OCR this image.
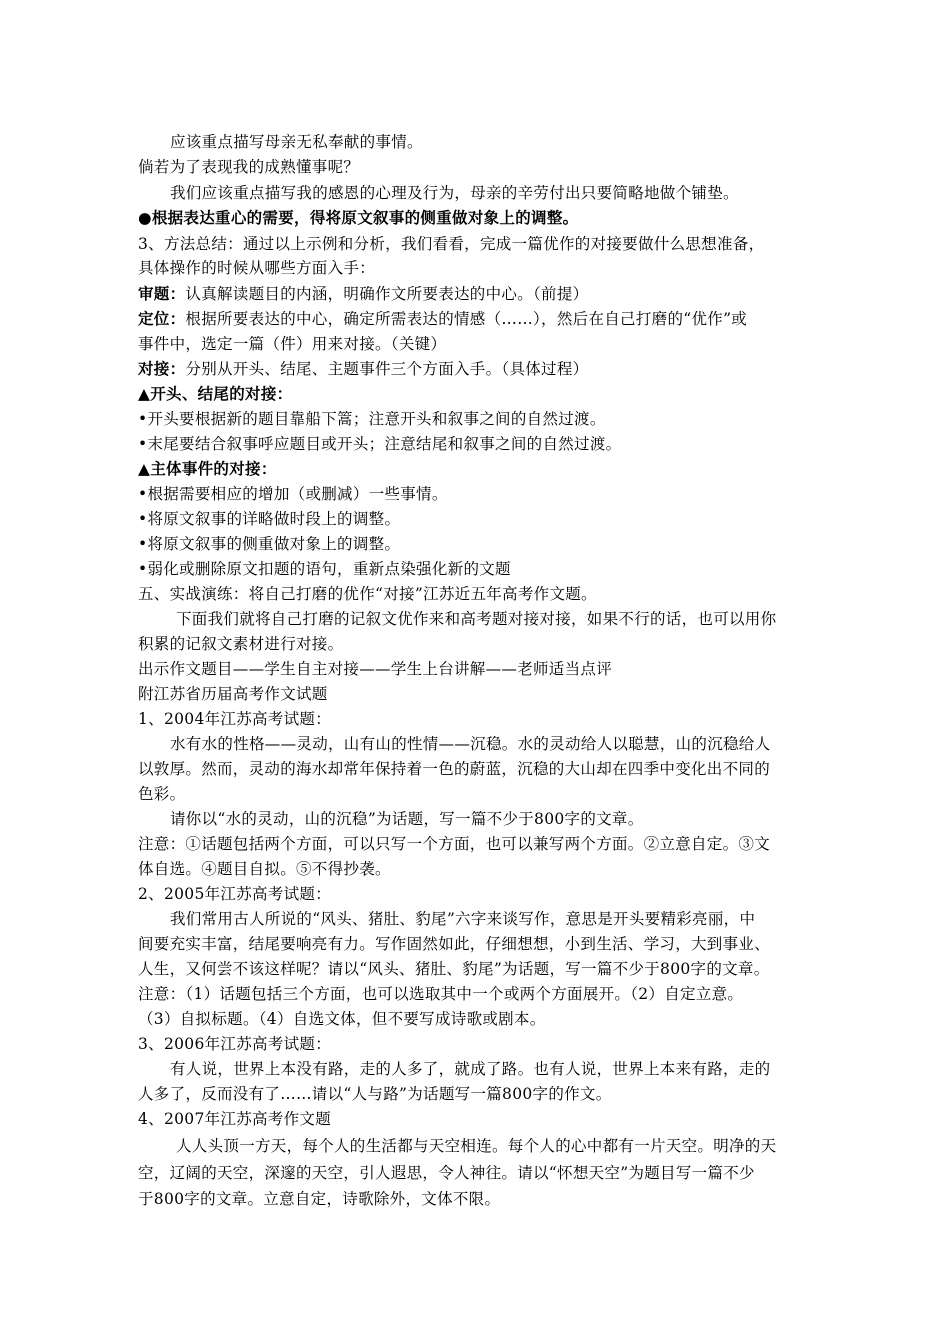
应该重点描写母亲无私奉献的事情。
倘若为了表现我的成熟懂事呢？
我们应该重点描写我的感恩的心理及行为，母亲的辛劳付出只要简略地做个铺垫。
●根据表达重心的需要，得将原文叙事的侧重做对象上的调整。
3、方法总结：通过以上示例和分析，我们看看，完成一篇优作的对接要做什么思想准备，
具体操作的时候从哪些方面入手：
审题：认真解读题目的内涵，明确作文所要表达的中心。（前提）
定位：根据所要表达的中心，确定所需表达的情感（……），然后在自己打磨的“优作”或
事件中，选定一篇（件）用来对接。（关键）
对接：分别从开头、结尾、主题事件三个方面入手。（具体过程）
▲开头、结尾的对接：
•开头要根据新的题目靠船下篙；注意开头和叙事之间的自然过渡。
•末尾要结合叙事呼应题目或开头；注意结尾和叙事之间的自然过渡。
▲主体事件的对接：
•根据需要相应的增加（或删减）一些事情。
•将原文叙事的详略做时段上的调整。
•将原文叙事的侧重做对象上的调整。
•弱化或删除原文扣题的语句，重新点染强化新的文题
五、实战演练：将自己打磨的优作“对接”江苏近五年高考作文题。
下面我们就将自己打磨的记叙文优作来和高考题对接对接，如果不行的话，也可以用你
积累的记叙文素材进行对接。
出示作文题目——学生自主对接——学生上台讲解——老师适当点评
附江苏省历届高考作文试题
1、2004年江苏高考试题：
水有水的性格——灵动，山有山的性情——沉稳。水的灵动给人以聪慧，山的沉稳给人
以敦厚。然而，灵动的海水却常年保持着一色的蔚蓝，沉稳的大山却在四季中变化出不同的
色彩。
请你以“水的灵动，山的沉稳”为话题，写一篇不少于800字的文章。
注意：①话题包括两个方面，可以只写一个方面，也可以兼写两个方面。②立意自定。③文
体自选。④题目自拟。⑤不得抄袭。
2、2005年江苏高考试题：
我们常用古人所说的“风头、猪肚、豹尾”六字来谈写作，意思是开头要精彩亮丽，中
间要充实丰富，结尾要响亮有力。写作固然如此，仔细想想，小到生活、学习，大到事业、
人生，又何尝不该这样呢？请以“风头、猪肚、豹尾”为话题，写一篇不少于800字的文章。
注意：（1）话题包括三个方面，也可以选取其中一个或两个方面展开。（2）自定立意。
（3）自拟标题。（4）自选文体，但不要写成诗歌或剧本。
3、2006年江苏高考试题：
有人说，世界上本没有路，走的人多了，就成了路。也有人说，世界上本来有路，走的
人多了，反而没有了……请以“人与路”为话题写一篇800字的作文。
4、2007年江苏高考作文题
人人头顶一方天，每个人的生活都与天空相连。每个人的心中都有一片天空。明净的天
空，辽阔的天空，深邃的天空，引人遐思，令人神往。请以“怀想天空”为题目写一篇不少
于800字的文章。立意自定，诗歌除外，文体不限。
